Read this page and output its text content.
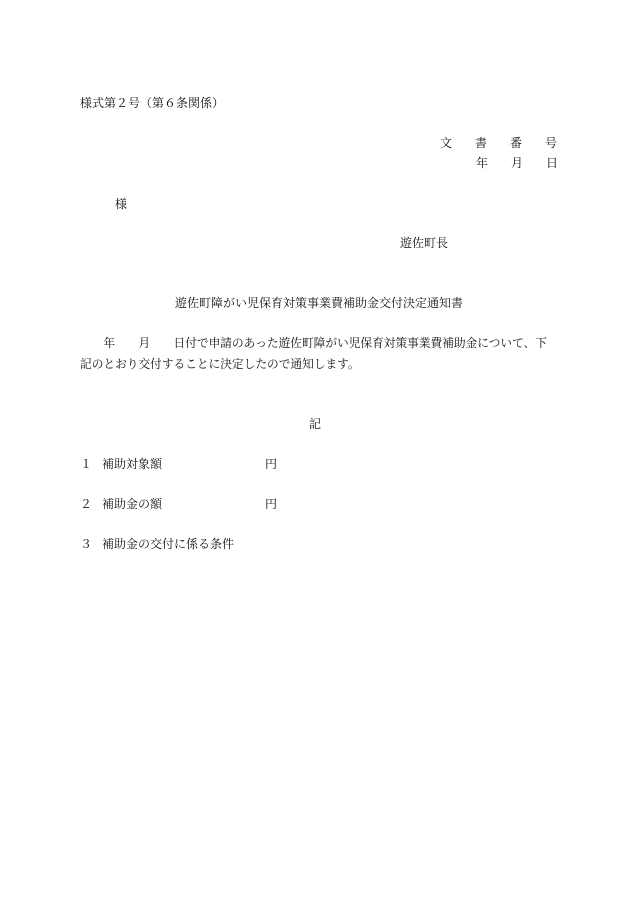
様式第２号（第６条関係）
文　書　番　号
年　月　日
様
遊佐町長
遊佐町障がい児保育対策事業費補助金交付決定通知書
　　年　　月　　日付で申請のあった遊佐町障がい児保育対策事業費補助金について、下
記のとおり交付することに決定したので通知します。
記
１ 補助対象額	円
２ 補助金の額	円
３ 補助金の交付に係る条件
